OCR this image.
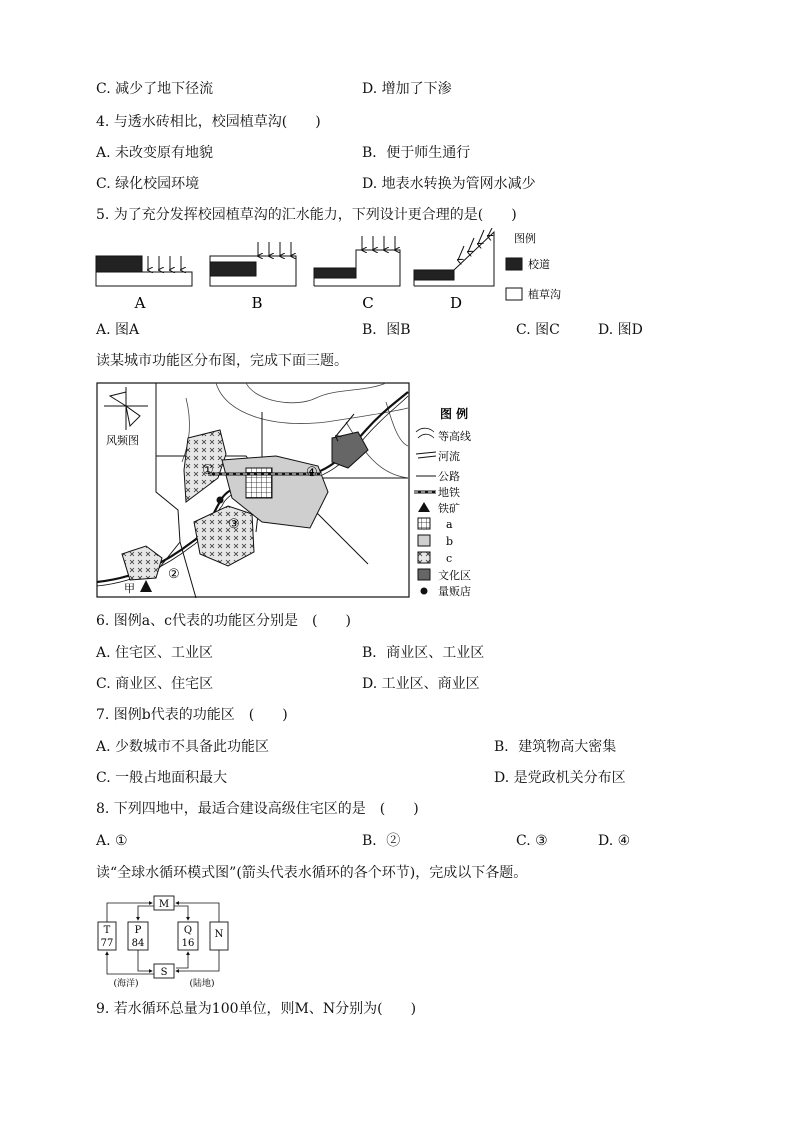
C. 减少了地下径流	D. 增加了下渗
4. 与透水砖相比，校园植草沟(　　)
A. 未改变原有地貌	B．便于师生通行
C. 绿化校园环境	D. 地表水转换为管网水减少
5. 为了充分发挥校园植草沟的汇水能力，下列设计更合理的是(　　)
A	B	C	D
图例
校道
植草沟
A. 图A	B．图B	C. 图C	D. 图D
读某城市功能区分布图，完成下面三题。
风频图
甲
①
②
③
④
图 例
等高线
河流
公路
地铁
铁矿
a
b
c
文化区
量贩店
6. 图例a、c代表的功能区分别是　(　　)
A. 住宅区、工业区	B．商业区、工业区
C. 商业区、住宅区	D. 工业区、商业区
7. 图例b代表的功能区　(　　)
A. 少数城市不具备此功能区	B．建筑物高大密集
C. 一般占地面积最大	D. 是党政机关分布区
8. 下列四地中，最适合建设高级住宅区的是　(　　)
A. ①	B．②	C. ③	D. ④
读“全球水循环模式图”(箭头代表水循环的各个环节)，完成以下各题。
M
T
77
P
84
Q
16
N
S
(海洋)	(陆地)
9. 若水循环总量为100单位，则M、N分别为(　　)
